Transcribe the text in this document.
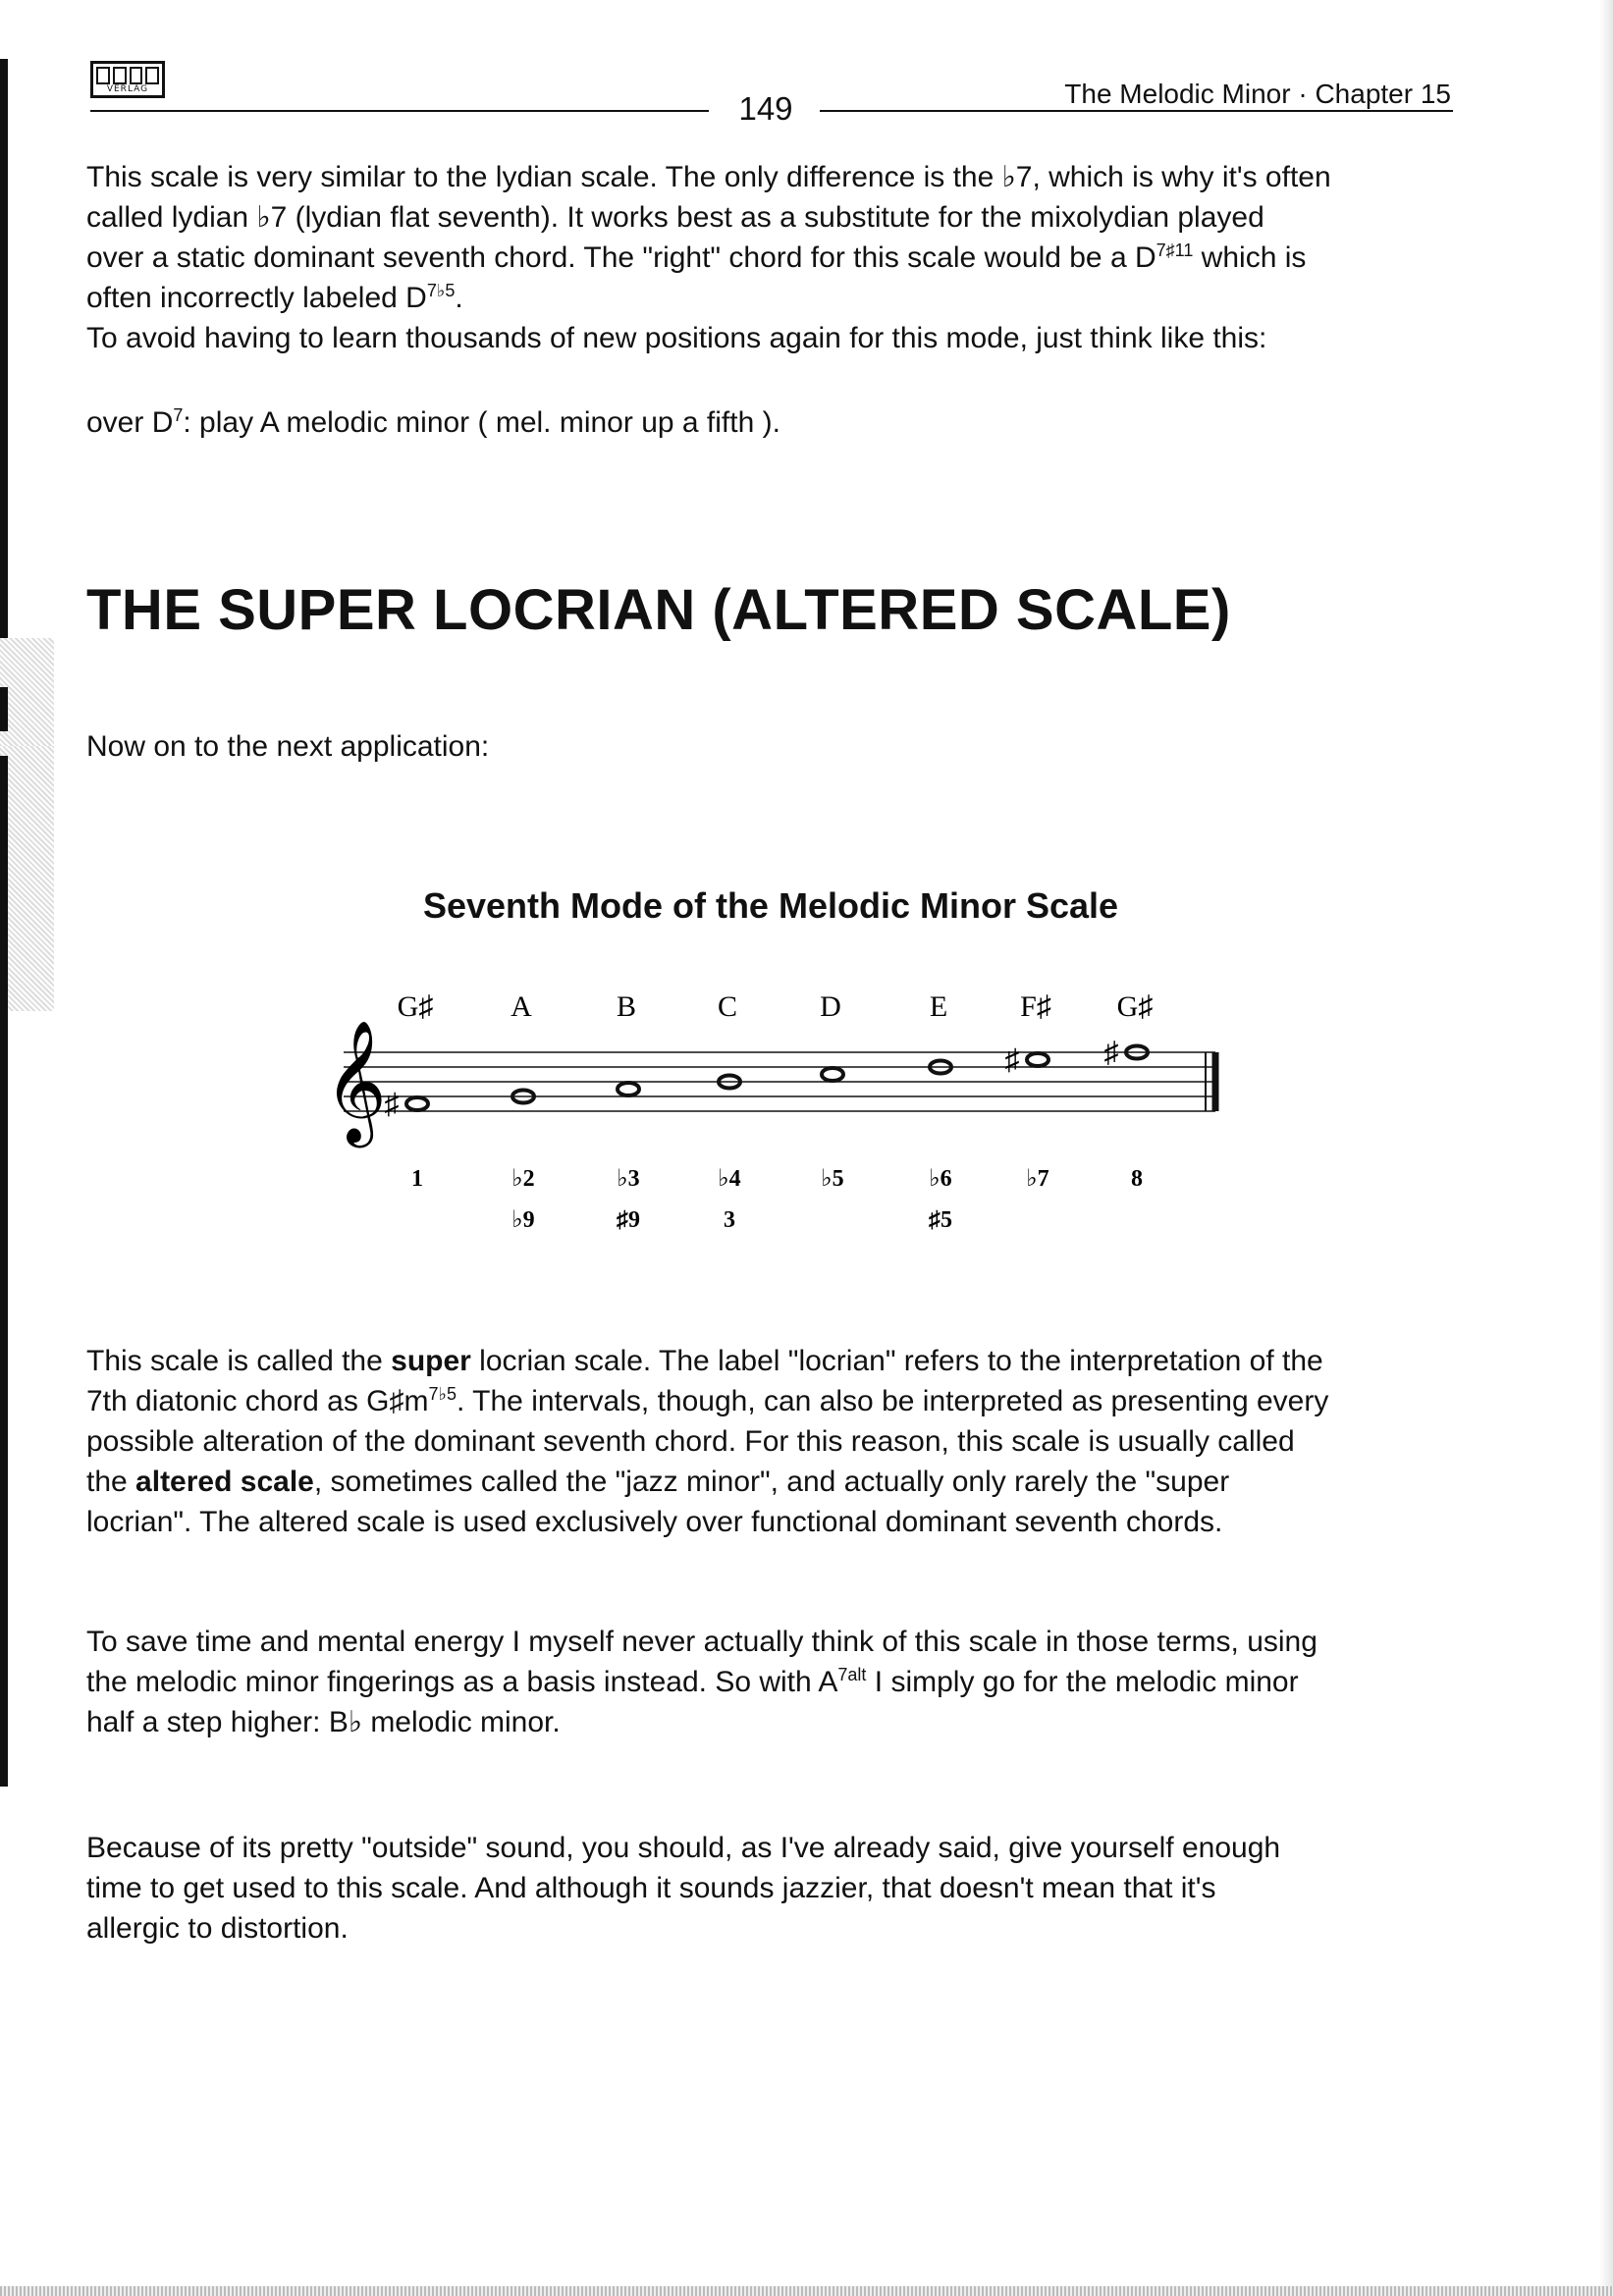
VERLAG
149	The Melodic Minor · Chapter 15
This scale is very similar to the lydian scale. The only difference is the ♭7, which is why it's often
called lydian ♭7 (lydian flat seventh). It works best as a substitute for the mixolydian played
over a static dominant seventh chord. The "right" chord for this scale would be a $D^{7♯11}$ which is
often incorrectly labeled $D^{7♭5}$.
To avoid having to learn thousands of new positions again for this mode, just think like this:
over $D^7$: play A melodic minor ( mel. minor up a fifth ).
THE SUPER LOCRIAN (ALTERED SCALE)
Now on to the next application:
Seventh Mode of the Melodic Minor Scale
𝄞
G♯
♯
1
A
♭2
♭9
B
♭3
♯9
C
♭4
3
D
♭5
E
♭6
♯5
F♯
♯
♭7
G♯
♯
8
This scale is called the super locrian scale. The label "locrian" refers to the interpretation of the
7th diatonic chord as $G♯m^{7♭5}$. The intervals, though, can also be interpreted as presenting every
possible alteration of the dominant seventh chord. For this reason, this scale is usually called
the altered scale, sometimes called the "jazz minor", and actually only rarely the "super
locrian". The altered scale is used exclusively over functional dominant seventh chords.
To save time and mental energy I myself never actually think of this scale in those terms, using
the melodic minor fingerings as a basis instead. So with $A^{7alt}$ I simply go for the melodic minor
half a step higher: B♭ melodic minor.
Because of its pretty "outside" sound, you should, as I've already said, give yourself enough
time to get used to this scale. And although it sounds jazzier, that doesn't mean that it's
allergic to distortion.
